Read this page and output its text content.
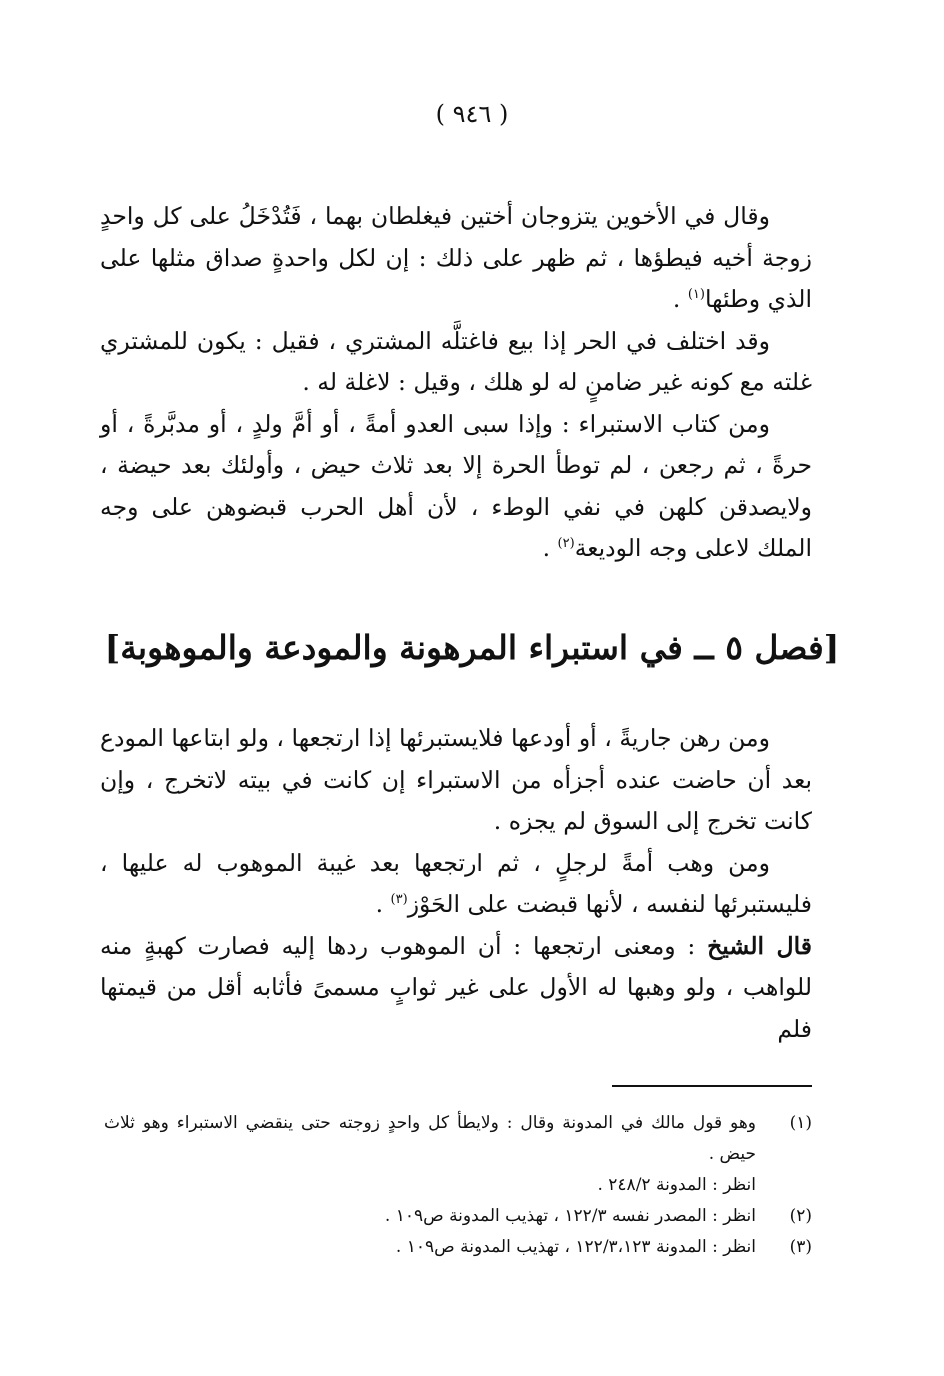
( ٩٤٦ )

وقال في الأخوين يتزوجان أختين فيغلطان بهما ، فَتُدْخَلُ على كل واحدٍ زوجة أخيه فيطؤها ، ثم ظهر على ذلك : إن لكل واحدةٍ صداق مثلها على الذي وطئها$^{(١)}$ .

وقد اختلف في الحر إذا بيع فاغتلَّه المشتري ، فقيل : يكون للمشتري غلته مع كونه غير ضامنٍ له لو هلك ، وقيل : لاغلة له .

ومن كتاب الاستبراء : وإذا سبى العدو أمةً ، أو أمَّ ولدٍ ، أو مدبَّرةً ، أو حرةً ، ثم رجعن ، لم توطأ الحرة إلا بعد ثلاث حيض ، وأولئك بعد حيضة ، ولايصدقن كلهن في نفي الوطء ، لأن أهل الحرب قبضوهن على وجه الملك لاعلى وجه الوديعة$^{(٢)}$ .

[فصل ٥ ــ في استبراء المرهونة والمودعة والموهوبة]

ومن رهن جاريةً ، أو أودعها فلايستبرئها إذا ارتجعها ، ولو ابتاعها المودع بعد أن حاضت عنده أجزأه من الاستبراء إن كانت في بيته لاتخرج ، وإن كانت تخرج إلى السوق لم يجزه .

ومن وهب أمةً لرجلٍ ، ثم ارتجعها بعد غيبة الموهوب له عليها ، فليستبرئها لنفسه ، لأنها قبضت على الحَوْز$^{(٣)}$ .

قال الشيخ : ومعنى ارتجعها : أن الموهوب ردها إليه فصارت كهبةٍ منه للواهب ، ولو وهبها له الأول على غير ثوابٍ مسمىً فأثابه أقل من قيمتها فلم

(١)
وهو قول مالك في المدونة وقال : ولايطأ كل واحدٍ زوجته حتى ينقضي الاستبراء وهو ثلاث حيض .
انظر : المدونة ٢٤٨/٢ .
(٢)
انظر : المصدر نفسه ١٢٢/٣ ، تهذيب المدونة ص١٠٩ .
(٣)
انظر : المدونة ١٢٢/٣،١٢٣ ، تهذيب المدونة ص١٠٩ .
